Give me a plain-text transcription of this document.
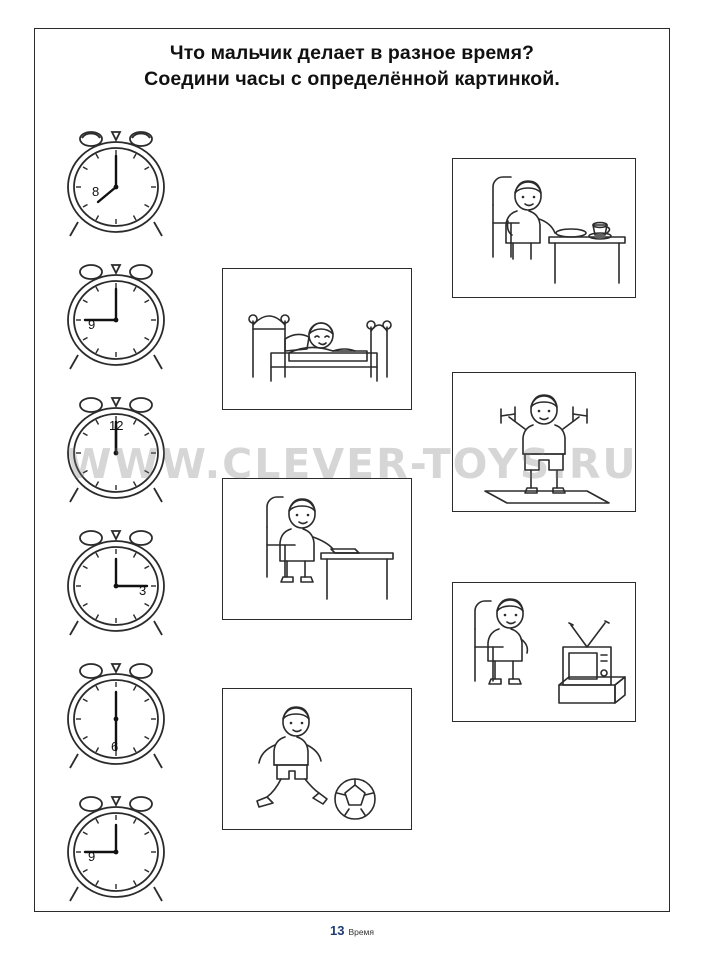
Что мальчик делает в разное время?
Соедини часы с определённой картинкой.
8
9
12
3
6
9
WWW.CLEVER-TOYS.RU
13 Время
